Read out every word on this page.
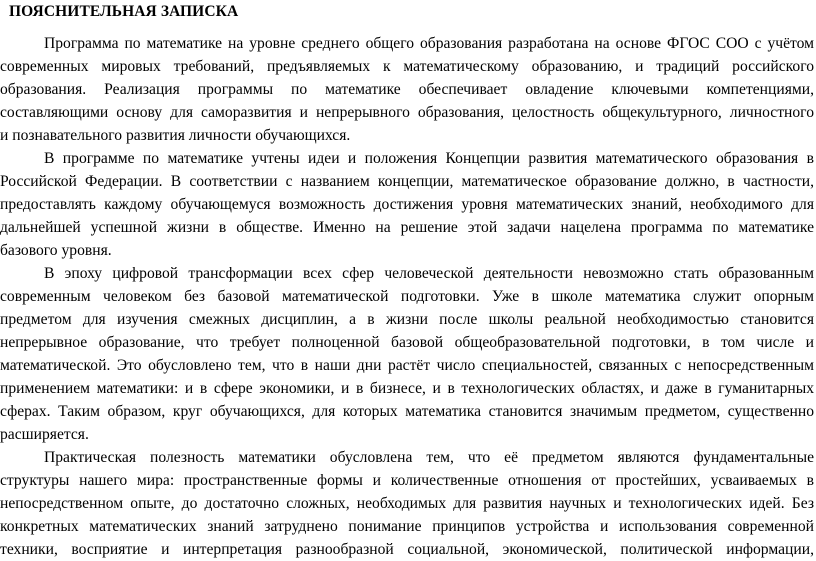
ПОЯСНИТЕЛЬНАЯ ЗАПИСКА
Программа по математике на уровне среднего общего образования разработана на основе ФГОС СОО с учётом
современных мировых требований, предъявляемых к математическому образованию, и традиций российского
образования. Реализация программы по математике обеспечивает овладение ключевыми компетенциями,
составляющими основу для саморазвития и непрерывного образования, целостность общекультурного, личностного
и познавательного развития личности обучающихся.
В программе по математике учтены идеи и положения Концепции развития математического образования в
Российской Федерации. В соответствии с названием концепции, математическое образование должно, в частности,
предоставлять каждому обучающемуся возможность достижения уровня математических знаний, необходимого для
дальнейшей успешной жизни в обществе. Именно на решение этой задачи нацелена программа по математике
базового уровня.
В эпоху цифровой трансформации всех сфер человеческой деятельности невозможно стать образованным
современным человеком без базовой математической подготовки. Уже в школе математика служит опорным
предметом для изучения смежных дисциплин, а в жизни после школы реальной необходимостью становится
непрерывное образование, что требует полноценной базовой общеобразовательной подготовки, в том числе и
математической. Это обусловлено тем, что в наши дни растёт число специальностей, связанных с непосредственным
применением математики: и в сфере экономики, и в бизнесе, и в технологических областях, и даже в гуманитарных
сферах. Таким образом, круг обучающихся, для которых математика становится значимым предметом, существенно
расширяется.
Практическая полезность математики обусловлена тем, что её предметом являются фундаментальные
структуры нашего мира: пространственные формы и количественные отношения от простейших, усваиваемых в
непосредственном опыте, до достаточно сложных, необходимых для развития научных и технологических идей. Без
конкретных математических знаний затруднено понимание принципов устройства и использования современной
техники, восприятие и интерпретация разнообразной социальной, экономической, политической информации,
